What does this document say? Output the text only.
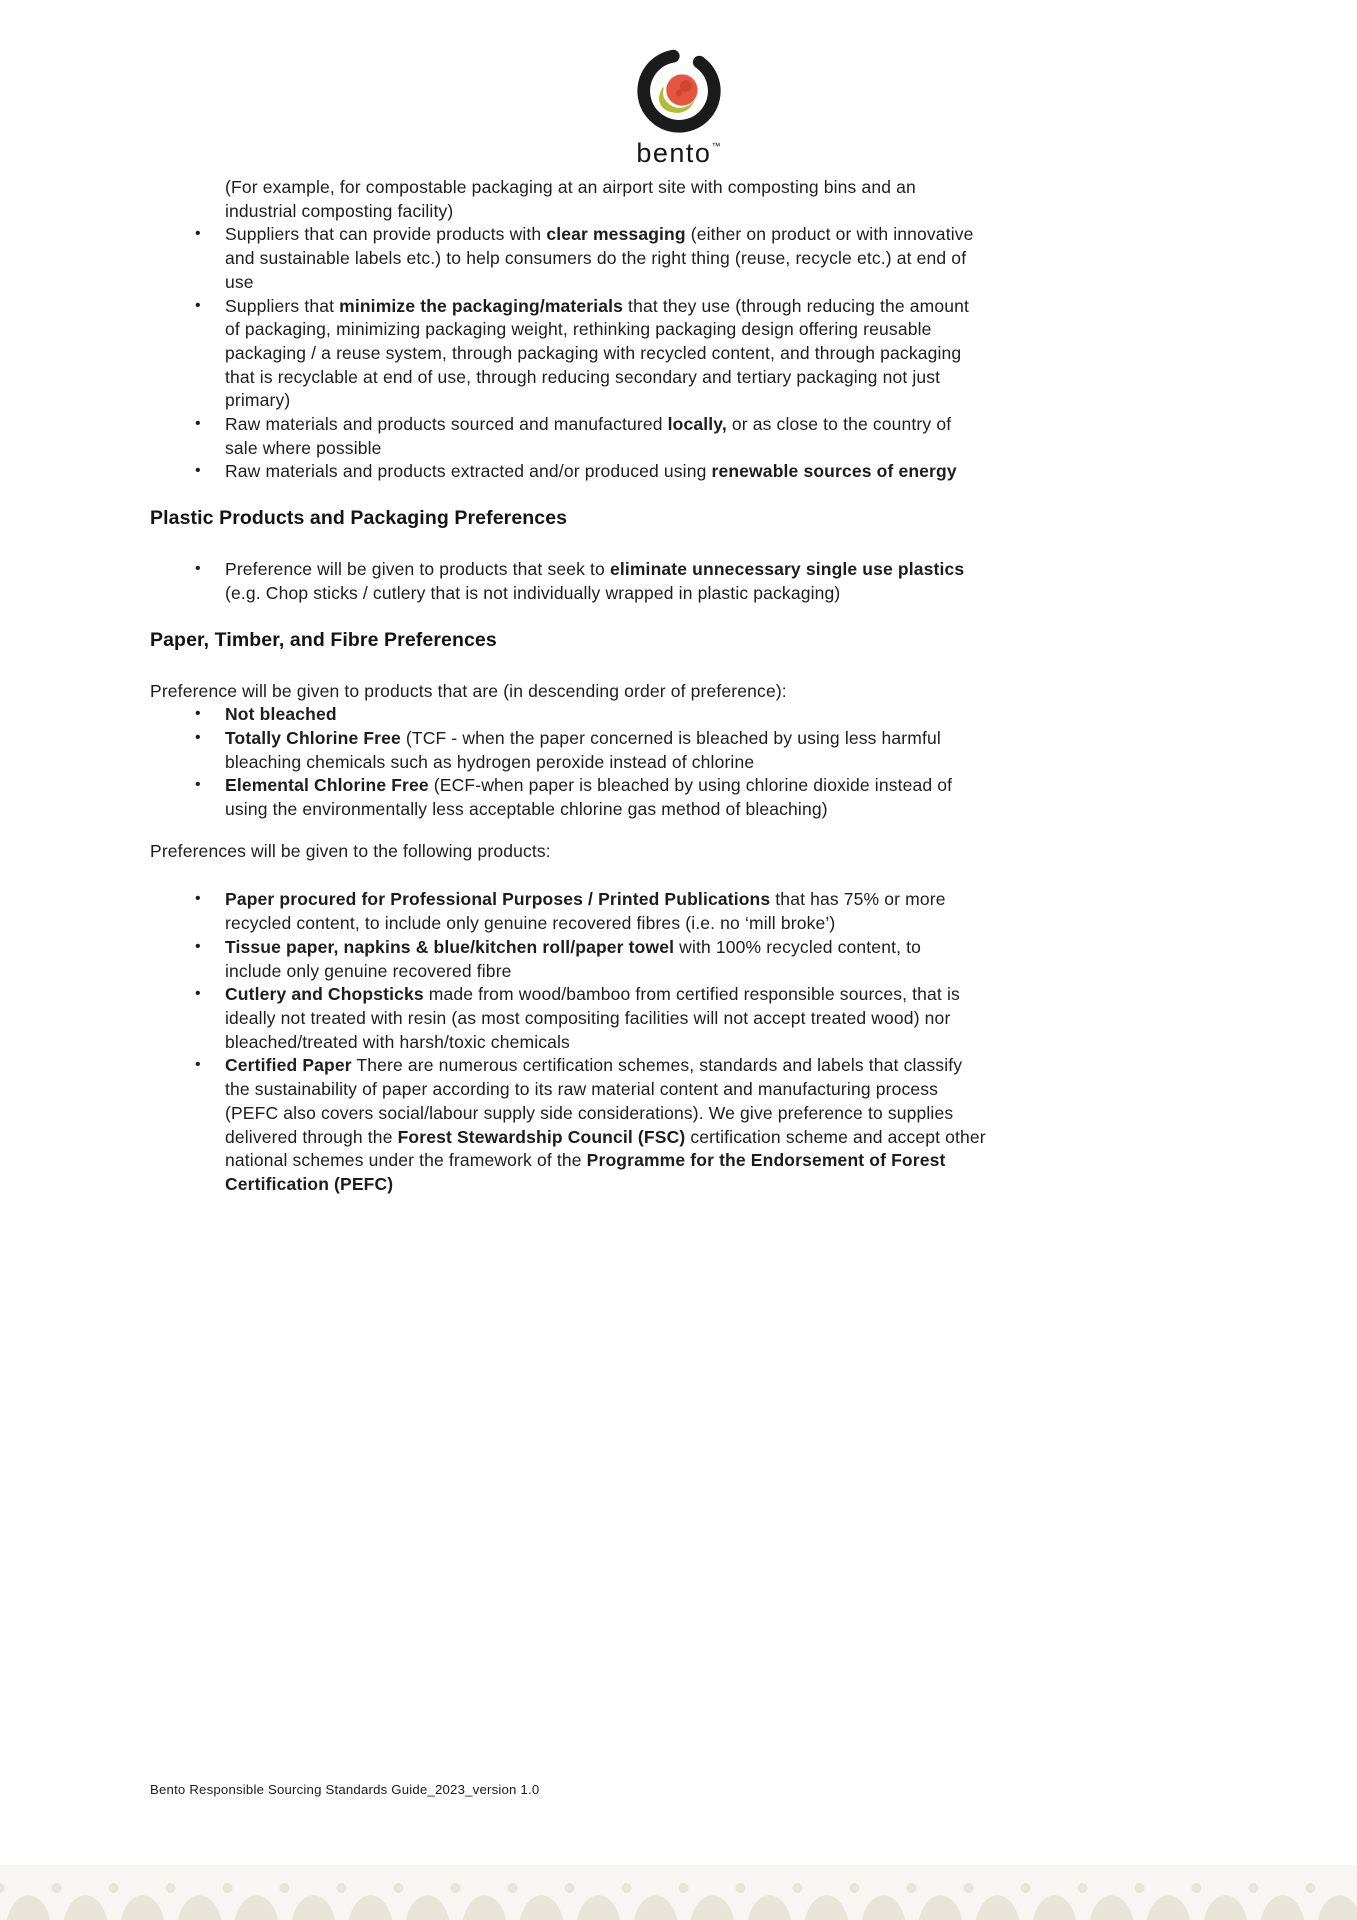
bento ™
(For example, for compostable packaging at an airport site with composting bins and an
industrial composting facility)
• Suppliers that can provide products with clear messaging (either on product or with innovative
and sustainable labels etc.) to help consumers do the right thing (reuse, recycle etc.) at end of
use
• Suppliers that minimize the packaging/materials that they use (through reducing the amount
of packaging, minimizing packaging weight, rethinking packaging design offering reusable
packaging / a reuse system, through packaging with recycled content, and through packaging
that is recyclable at end of use, through reducing secondary and tertiary packaging not just
primary)
• Raw materials and products sourced and manufactured locally, or as close to the country of
sale where possible
• Raw materials and products extracted and/or produced using renewable sources of energy
Plastic Products and Packaging Preferences
• Preference will be given to products that seek to eliminate unnecessary single use plastics
(e.g. Chop sticks / cutlery that is not individually wrapped in plastic packaging)
Paper, Timber, and Fibre Preferences
Preference will be given to products that are (in descending order of preference):
• Not bleached
• Totally Chlorine Free (TCF - when the paper concerned is bleached by using less harmful
bleaching chemicals such as hydrogen peroxide instead of chlorine
• Elemental Chlorine Free (ECF-when paper is bleached by using chlorine dioxide instead of
using the environmentally less acceptable chlorine gas method of bleaching)
Preferences will be given to the following products:
• Paper procured for Professional Purposes / Printed Publications that has 75% or more
recycled content, to include only genuine recovered fibres (i.e. no ‘mill broke’)
• Tissue paper, napkins & blue/kitchen roll/paper towel with 100% recycled content, to
include only genuine recovered fibre
• Cutlery and Chopsticks made from wood/bamboo from certified responsible sources, that is
ideally not treated with resin (as most compositing facilities will not accept treated wood) nor
bleached/treated with harsh/toxic chemicals
• Certified Paper There are numerous certification schemes, standards and labels that classify
the sustainability of paper according to its raw material content and manufacturing process
(PEFC also covers social/labour supply side considerations). We give preference to supplies
delivered through the Forest Stewardship Council (FSC) certification scheme and accept other
national schemes under the framework of the Programme for the Endorsement of Forest
Certification (PEFC)
Bento Responsible Sourcing Standards Guide_2023_version 1.0
